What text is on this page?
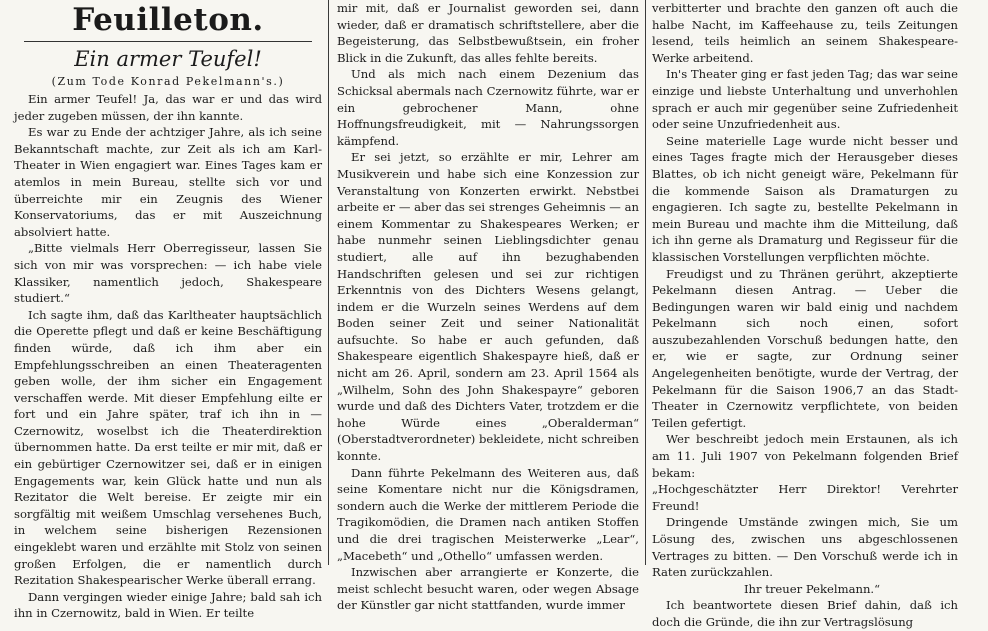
Feuilleton.
Ein armer Teufel!
(Zum Tode Konrad Pekelmann's.)

Ein armer Teufel! Ja, das war er und das wird jeder zugeben müssen, der ihn kannte.

Es war zu Ende der achtziger Jahre, als ich seine Bekanntschaft machte, zur Zeit als ich am Karl-Theater in Wien engagiert war. Eines Tages kam er atemlos in mein Bureau, stellte sich vor und überreichte mir ein Zeugnis des Wiener Konservatoriums, das er mit Auszeichnung absolviert hatte.

„Bitte vielmals Herr Oberregisseur, lassen Sie sich von mir was vorsprechen: — ich habe viele Klassiker, namentlich jedoch, Shakespeare studiert.“

Ich sagte ihm, daß das Karltheater hauptsächlich die Operette pflegt und daß er keine Beschäftigung finden würde, daß ich ihm aber ein Empfehlungsschreiben an einen Theateragenten geben wolle, der ihm sicher ein Engagement verschaffen werde. Mit dieser Empfehlung eilte er fort und ein Jahre später, traf ich ihn in — Czernowitz, woselbst ich die Theaterdirektion übernommen hatte. Da erst teilte er mir mit, daß er ein gebürtiger Czernowitzer sei, daß er in einigen Engagements war, kein Glück hatte und nun als Rezitator die Welt bereise. Er zeigte mir ein sorgfältig mit weißem Umschlag versehenes Buch, in welchem seine bisherigen Rezensionen eingeklebt waren und erzählte mit Stolz von seinen großen Erfolgen, die er namentlich durch Rezitation Shakespearischer Werke überall errang.

Dann vergingen wieder einige Jahre; bald sah ich ihn in Czernowitz, bald in Wien. Er teilte

mir mit, daß er Journalist geworden sei, dann wieder, daß er dramatisch schriftstellere, aber die Begeisterung, das Selbstbewußtsein, ein froher Blick in die Zukunft, das alles fehlte bereits.

Und als mich nach einem Dezenium das Schicksal abermals nach Czernowitz führte, war er ein gebrochener Mann, ohne Hoffnungsfreudigkeit, mit — Nahrungssorgen kämpfend.

Er sei jetzt, so erzählte er mir, Lehrer am Musikverein und habe sich eine Konzession zur Veranstaltung von Konzerten erwirkt. Nebstbei arbeite er — aber das sei strenges Geheimnis — an einem Kommentar zu Shakespeares Werken; er habe nunmehr seinen Lieblingsdichter genau studiert, alle auf ihn bezughabenden Handschriften gelesen und sei zur richtigen Erkenntnis von des Dichters Wesens gelangt, indem er die Wurzeln seines Werdens auf dem Boden seiner Zeit und seiner Nationalität aufsuchte. So habe er auch gefunden, daß Shakespeare eigentlich Shakespayre hieß, daß er nicht am 26. April, sondern am 23. April 1564 als „Wilhelm, Sohn des John Shakespayre“ geboren wurde und daß des Dichters Vater, trotzdem er die hohe Würde eines „Oberalderman“ (Oberstadtverordneter) bekleidete, nicht schreiben konnte.

Dann führte Pekelmann des Weiteren aus, daß seine Komentare nicht nur die Königsdramen, sondern auch die Werke der mittlerem Periode die Tragikomödien, die Dramen nach antiken Stoffen und die drei tragischen Meisterwerke „Lear“, „Macebeth“ und „Othello“ umfassen werden.

Inzwischen aber arrangierte er Konzerte, die meist schlecht besucht waren, oder wegen Absage der Künstler gar nicht stattfanden, wurde immer

verbitterter und brachte den ganzen oft auch die halbe Nacht, im Kaffeehause zu, teils Zeitungen lesend, teils heimlich an seinem Shakespeare-Werke arbeitend.

In's Theater ging er fast jeden Tag; das war seine einzige und liebste Unterhaltung und unverhohlen sprach er auch mir gegenüber seine Zufriedenheit oder seine Unzufriedenheit aus.

Seine materielle Lage wurde nicht besser und eines Tages fragte mich der Herausgeber dieses Blattes, ob ich nicht geneigt wäre, Pekelmann für die kommende Saison als Dramaturgen zu engagieren. Ich sagte zu, bestellte Pekelmann in mein Bureau und machte ihm die Mitteilung, daß ich ihn gerne als Dramaturg und Regisseur für die klassischen Vorstellungen verpflichten möchte.

Freudigst und zu Thränen gerührt, akzeptierte Pekelmann diesen Antrag. — Ueber die Bedingungen waren wir bald einig und nachdem Pekelmann sich noch einen, sofort auszubezahlenden Vorschuß bedungen hatte, den er, wie er sagte, zur Ordnung seiner Angelegenheiten benötigte, wurde der Vertrag, der Pekelmann für die Saison 1906,7 an das Stadt-Theater in Czernowitz verpflichtete, von beiden Teilen gefertigt.

Wer beschreibt jedoch mein Erstaunen, als ich am 11. Juli 1907 von Pekelmann folgenden Brief bekam:

„Hochgeschätzter Herr Direktor! Verehrter Freund!

Dringende Umstände zwingen mich, Sie um Lösung des, zwischen uns abgeschlossenen Vertrages zu bitten. — Den Vorschuß werde ich in Raten zurückzahlen.

Ihr treuer Pekelmann.“

Ich beantwortete diesen Brief dahin, daß ich doch die Gründe, die ihn zur Vertragslösung
